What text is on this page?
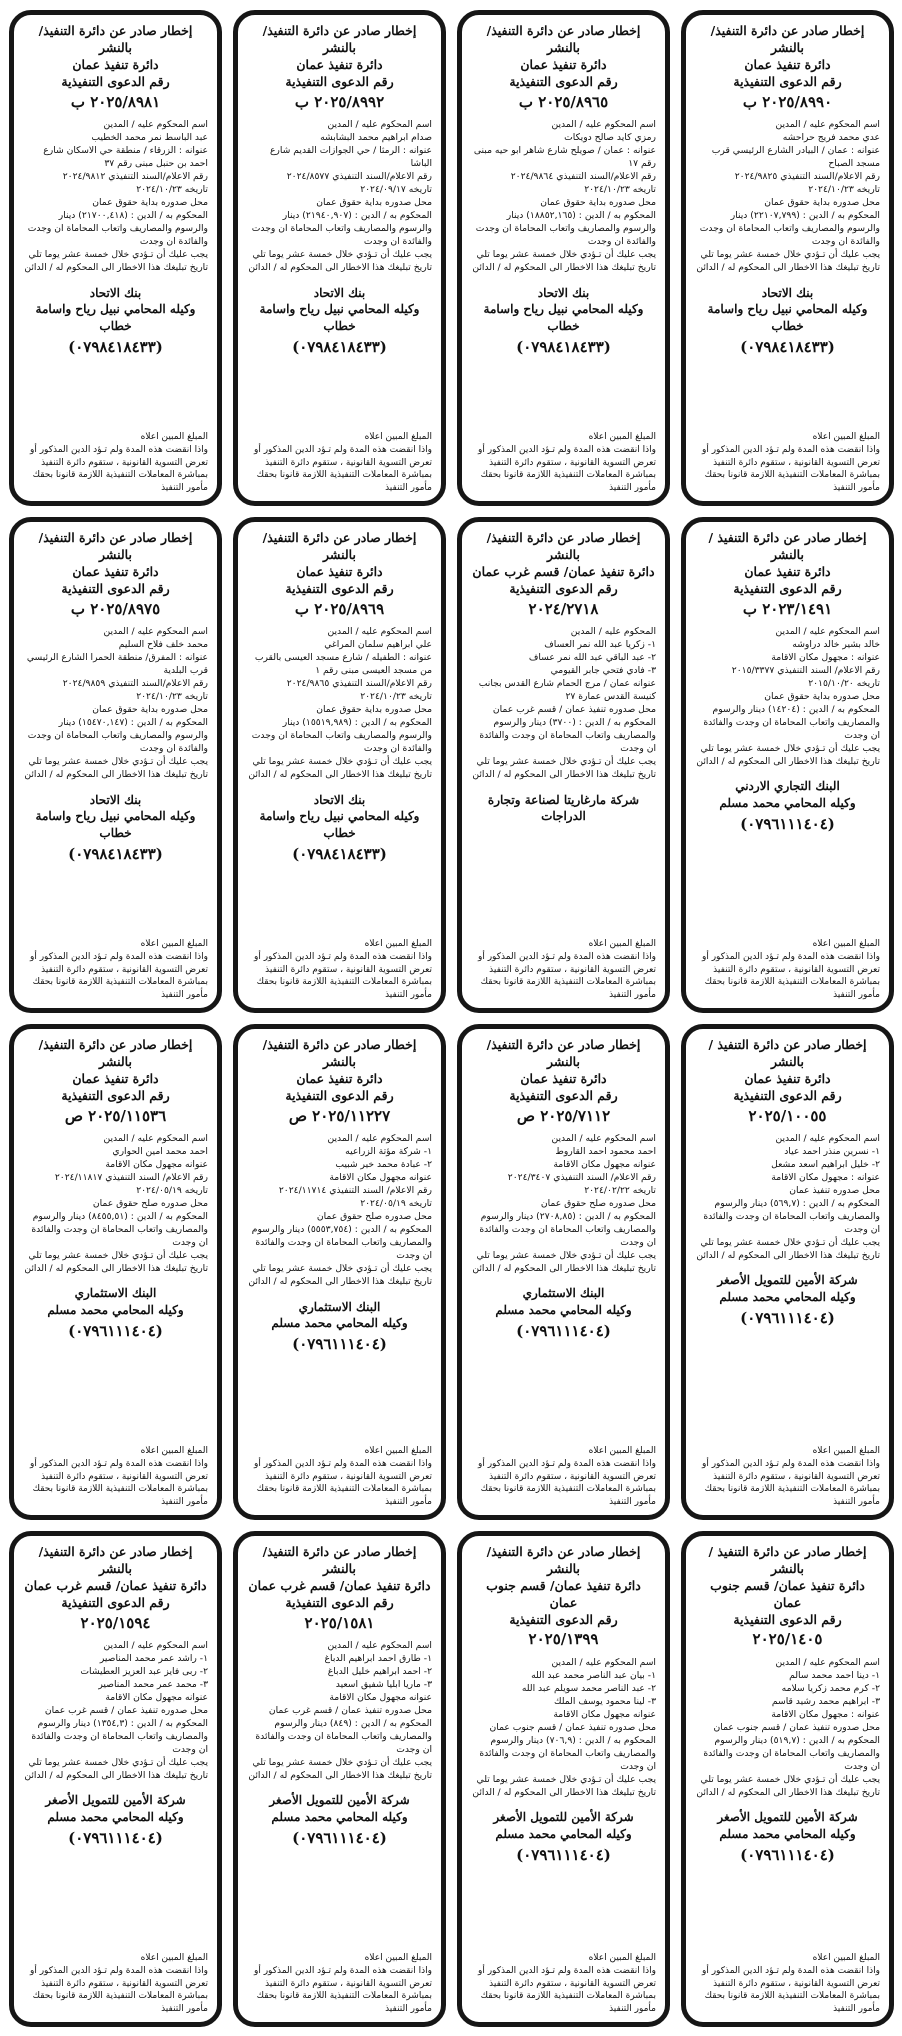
إخطار صادر عن دائرة التنفيذ/ بالنشر
دائرة تنفيذ عمان
رقم الدعوى التنفيذية
٢٠٢٥/٨٩٩٠ ب
اسم المحكوم عليه / المدين
عدي محمد فريج حراحشه
عنوانه : عمان / البيادر الشارع الرئيسي قرب مسجد الصباح
رقم الاعلام/السند التنفيذي ٢٠٢٤/٩٨٢٥
تاريخه ٢٠٢٤/١٠/٢٣
محل صدوره بداية حقوق عمان
المحكوم به / الدين : (٢٢١٠٧,٧٩٩) دينار والرسوم والمصاريف واتعاب المحاماة ان وجدت والفائدة ان وجدت
يجب عليك أن تـؤدي خلال خمسة عشر يوما تلي تاريخ تبليغك هذا الاخطار الى المحكوم له / الدائن
بنك الاتحاد
وكيله المحامي نبيل رياح واسامة خطاب
(٠٧٩٨٤١٨٤٣٣)
المبلغ المبين اعلاه
واذا انقضت هذه المدة ولم تـؤد الدين المذكور أو تعرض التسوية القانونية ، ستقوم دائرة التنفيذ بمباشرة المعاملات التنفيذية اللازمة قانونا بحقك
مأمور التنفيذ
إخطار صادر عن دائرة التنفيذ/ بالنشر
دائرة تنفيذ عمان
رقم الدعوى التنفيذية
٢٠٢٥/٨٩٦٥ ب
اسم المحكوم عليه / المدين
رمزي كايد صالح دويكات
عنوانه : عمان / صويلح شارع شاهر ابو حيه مبنى رقم ١٧
رقم الاعلام/السند التنفيذي ٢٠٢٤/٩٨٦٤
تاريخه ٢٠٢٤/١٠/٢٣
محل صدوره بداية حقوق عمان
المحكوم به / الدين : (١٨٨٥٢,١٦٥) دينار والرسوم والمصاريف واتعاب المحاماة ان وجدت والفائدة ان وجدت
يجب عليك أن تـؤدي خلال خمسة عشر يوما تلي تاريخ تبليغك هذا الاخطار الى المحكوم له / الدائن
بنك الاتحاد
وكيله المحامي نبيل رياح واسامة خطاب
(٠٧٩٨٤١٨٤٣٣)
المبلغ المبين اعلاه
واذا انقضت هذه المدة ولم تـؤد الدين المذكور أو تعرض التسوية القانونية ، ستقوم دائرة التنفيذ بمباشرة المعاملات التنفيذية اللازمة قانونا بحقك
مأمور التنفيذ
إخطار صادر عن دائرة التنفيذ/ بالنشر
دائرة تنفيذ عمان
رقم الدعوى التنفيذية
٢٠٢٥/٨٩٩٢ ب
اسم المحكوم عليه / المدين
صدام ابراهيم محمد البشابشه
عنوانه : الرمثا / حي الجوازات القديم شارع الباشا
رقم الاعلام/السند التنفيذي ٢٠٢٤/٨٥٧٧
تاريخه ٢٠٢٤/٠٩/١٧
محل صدوره بداية حقوق عمان
المحكوم به / الدين : (٢١٩٤٠,٩٠٧) دينار والرسوم والمصاريف واتعاب المحاماة ان وجدت والفائدة ان وجدت
يجب عليك أن تـؤدي خلال خمسة عشر يوما تلي تاريخ تبليغك هذا الاخطار الى المحكوم له / الدائن
بنك الاتحاد
وكيله المحامي نبيل رياح واسامة خطاب
(٠٧٩٨٤١٨٤٣٣)
المبلغ المبين اعلاه
واذا انقضت هذه المدة ولم تـؤد الدين المذكور أو تعرض التسوية القانونية ، ستقوم دائرة التنفيذ بمباشرة المعاملات التنفيذية اللازمة قانونا بحقك
مأمور التنفيذ
إخطار صادر عن دائرة التنفيذ/ بالنشر
دائرة تنفيذ عمان
رقم الدعوى التنفيذية
٢٠٢٥/٨٩٨١ ب
اسم المحكوم عليه / المدين
عبد الباسط نمر محمد الخطيب
عنوانه : الزرقاء / منطقة حي الاسكان شارع احمد بن حنبل مبنى رقم ٣٧
رقم الاعلام/السند التنفيذي ٢٠٢٤/٩٨١٢
تاريخه ٢٠٢٤/١٠/٢٣
محل صدوره بداية حقوق عمان
المحكوم به / الدين : (٢١٧٠٠,٤١٨) دينار والرسوم والمصاريف واتعاب المحاماة ان وجدت والفائدة ان وجدت
يجب عليك أن تـؤدي خلال خمسة عشر يوما تلي تاريخ تبليغك هذا الاخطار الى المحكوم له / الدائن
بنك الاتحاد
وكيله المحامي نبيل رياح واسامة خطاب
(٠٧٩٨٤١٨٤٣٣)
المبلغ المبين اعلاه
واذا انقضت هذه المدة ولم تـؤد الدين المذكور أو تعرض التسوية القانونية ، ستقوم دائرة التنفيذ بمباشرة المعاملات التنفيذية اللازمة قانونا بحقك
مأمور التنفيذ
إخطار صادر عن دائرة التنفيذ / بالنشر
دائرة تنفيذ عمان
رقم الدعوى التنفيذية
٢٠٢٣/١٤٩١ ب
اسم المحكوم عليه / المدين
خالد بشير خالد دراوشه
عنوانه : مجهول مكان الاقامة
رقم الاعلام/ السند التنفيذي ٢٠١٥/٣٣٧٧
تاريخه ٢٠١٥/١٠/٢٠
محل صدوره بداية حقوق عمان
المحكوم به / الدين : (١٤٢٠٤) دينار والرسوم والمصاريف واتعاب المحاماة ان وجدت والفائدة ان وجدت
يجب عليك أن تـؤدي خلال خمسة عشر يوما تلي تاريخ تبليغك هذا الاخطار الى المحكوم له / الدائن
البنك التجاري الاردني
وكيله المحامي محمد مسلم
(٠٧٩٦١١١٤٠٤)
المبلغ المبين اعلاه
واذا انقضت هذه المدة ولم تـؤد الدين المذكور أو تعرض التسوية القانونية ، ستقوم دائرة التنفيذ بمباشرة المعاملات التنفيذية اللازمة قانونا بحقك
مأمور التنفيذ
إخطار صادر عن دائرة التنفيذ/ بالنشر
دائرة تنفيذ عمان/ قسم غرب عمان
رقم الدعوى التنفيذية
٢٠٢٤/٢٧١٨
المحكوم عليه / المدين
١- زكريا عبد الله نمر العساف
٢- عبد الباقي عبد الله نمر عساف
٣- فادي فتحي جابر القيومي
عنوانه عمان / مرج الحمام شارع القدس بجانب كنيسة القدس عمارة ٢٧
محل صدوره تنفيذ عمان / قسم غرب عمان
المحكوم به / الدين : (٣٧٠٠) دينار والرسوم والمصاريف واتعاب المحاماة ان وجدت والفائدة ان وجدت
يجب عليك أن تـؤدي خلال خمسة عشر يوما تلي تاريخ تبليغك هذا الاخطار الى المحكوم له / الدائن
شركة مارغاريتا لصناعة وتجارة الدراجات
المبلغ المبين اعلاه
واذا انقضت هذه المدة ولم تـؤد الدين المذكور أو تعرض التسوية القانونية ، ستقوم دائرة التنفيذ بمباشرة المعاملات التنفيذية اللازمة قانونا بحقك
مأمور التنفيذ
إخطار صادر عن دائرة التنفيذ/ بالنشر
دائرة تنفيذ عمان
رقم الدعوى التنفيذية
٢٠٢٥/٨٩٦٩ ب
اسم المحكوم عليه / المدين
علي ابراهيم سلمان المراغي
عنوانه : الطفيله / شارع مسجد العيسى بالقرب من مسجد العيسى مبنى رقم ١
رقم الاعلام/السند التنفيذي ٢٠٢٤/٩٨٦٥
تاريخه ٢٠٢٤/١٠/٢٣
محل صدوره بداية حقوق عمان
المحكوم به / الدين : (١٥٥١٩,٩٨٩) دينار والرسوم والمصاريف واتعاب المحاماة ان وجدت والفائدة ان وجدت
يجب عليك أن تـؤدي خلال خمسة عشر يوما تلي تاريخ تبليغك هذا الاخطار الى المحكوم له / الدائن
بنك الاتحاد
وكيله المحامي نبيل رياح واسامة خطاب
(٠٧٩٨٤١٨٤٣٣)
المبلغ المبين اعلاه
واذا انقضت هذه المدة ولم تـؤد الدين المذكور أو تعرض التسوية القانونية ، ستقوم دائرة التنفيذ بمباشرة المعاملات التنفيذية اللازمة قانونا بحقك
مأمور التنفيذ
إخطار صادر عن دائرة التنفيذ/ بالنشر
دائرة تنفيذ عمان
رقم الدعوى التنفيذية
٢٠٢٥/٨٩٧٥ ب
اسم المحكوم عليه / المدين
محمد خلف فلاح السليم
عنوانه : المفرق/ منطقة الحمرا الشارع الرئيسي قرب البلدية
رقم الاعلام/السند التنفيذي ٢٠٢٤/٩٨٥٩
تاريخه ٢٠٢٤/١٠/٢٣
محل صدوره بداية حقوق عمان
المحكوم به / الدين : (١٥٤٧٠,١٤٧) دينار والرسوم والمصاريف واتعاب المحاماة ان وجدت والفائدة ان وجدت
يجب عليك أن تـؤدي خلال خمسة عشر يوما تلي تاريخ تبليغك هذا الاخطار الى المحكوم له / الدائن
بنك الاتحاد
وكيله المحامي نبيل رياح واسامة خطاب
(٠٧٩٨٤١٨٤٣٣)
المبلغ المبين اعلاه
واذا انقضت هذه المدة ولم تـؤد الدين المذكور أو تعرض التسوية القانونية ، ستقوم دائرة التنفيذ بمباشرة المعاملات التنفيذية اللازمة قانونا بحقك
مأمور التنفيذ
إخطار صادر عن دائرة التنفيذ / بالنشر
دائرة تنفيذ عمان
رقم الدعوى التنفيذية
٢٠٢٥/١٠٠٥٥
اسم المحكوم عليه / المدين
١- نسرين منذر احمد عياد
٢- خليل ابراهيم اسعد مشعل
عنوانه : مجهول مكان الاقامة
محل صدوره تنفيذ عمان
المحكوم به / الدين : (٥٦٩,٧) دينار والرسوم والمصاريف واتعاب المحاماة ان وجدت والفائدة ان وجدت
يجب عليك أن تـؤدي خلال خمسة عشر يوما تلي تاريخ تبليغك هذا الاخطار الى المحكوم له / الدائن
شركة الأمين للتمويل الأصغر
وكيله المحامي محمد مسلم
(٠٧٩٦١١١٤٠٤)
المبلغ المبين اعلاه
واذا انقضت هذه المدة ولم تـؤد الدين المذكور أو تعرض التسوية القانونية ، ستقوم دائرة التنفيذ بمباشرة المعاملات التنفيذية اللازمة قانونا بحقك
مأمور التنفيذ
إخطار صادر عن دائرة التنفيذ/ بالنشر
دائرة تنفيذ عمان
رقم الدعوى التنفيذية
٢٠٢٥/٧١١٢ ص
اسم المحكوم عليه / المدين
احمد محمود احمد القاروط
عنوانه مجهول مكان الاقامة
رقم الاعلام/ السند التنفيذي ٢٠٢٤/٣٤٠٧
تاريخه ٢٠٢٤/٠٢/٢٢
محل صدوره صلح حقوق عمان
المحكوم به / الدين : (٢٧٠٨,٨٥) دينار والرسوم والمصاريف واتعاب المحاماة ان وجدت والفائدة ان وجدت
يجب عليك أن تـؤدي خلال خمسة عشر يوما تلي تاريخ تبليغك هذا الاخطار الى المحكوم له / الدائن
البنك الاستثماري
وكيله المحامي محمد مسلم
(٠٧٩٦١١١٤٠٤)
المبلغ المبين اعلاه
واذا انقضت هذه المدة ولم تـؤد الدين المذكور أو تعرض التسوية القانونية ، ستقوم دائرة التنفيذ بمباشرة المعاملات التنفيذية اللازمة قانونا بحقك
مأمور التنفيذ
إخطار صادر عن دائرة التنفيذ/ بالنشر
دائرة تنفيذ عمان
رقم الدعوى التنفيذية
٢٠٢٥/١١٢٢٧ ص
اسم المحكوم عليه / المدين
١- شركة مؤتة الزراعيه
٢- عبادة محمد خير شبيب
عنوانه مجهول مكان الاقامة
رقم الاعلام/ السند التنفيذي ٢٠٢٤/١١٧١٤
تاريخه ٢٠٢٤/٠٥/١٩
محل صدوره صلح حقوق عمان
المحكوم به / الدين : (٥٥٥٣,٧٥٤) دينار والرسوم والمصاريف واتعاب المحاماة ان وجدت والفائدة ان وجدت
يجب عليك أن تـؤدي خلال خمسة عشر يوما تلي تاريخ تبليغك هذا الاخطار الى المحكوم له / الدائن
البنك الاستثماري
وكيله المحامي محمد مسلم
(٠٧٩٦١١١٤٠٤)
المبلغ المبين اعلاه
واذا انقضت هذه المدة ولم تـؤد الدين المذكور أو تعرض التسوية القانونية ، ستقوم دائرة التنفيذ بمباشرة المعاملات التنفيذية اللازمة قانونا بحقك
مأمور التنفيذ
إخطار صادر عن دائرة التنفيذ/ بالنشر
دائرة تنفيذ عمان
رقم الدعوى التنفيذية
٢٠٢٥/١١٥٣٦ ص
اسم المحكوم عليه / المدين
احمد محمد امين الحواري
عنوانه مجهول مكان الاقامة
رقم الاعلام/ السند التنفيذي ٢٠٢٤/١١٨١٧
تاريخه ٢٠٢٤/٠٥/١٩
محل صدوره صلح حقوق عمان
المحكوم به / الدين : (٨٤٥٥,٥١) دينار والرسوم والمصاريف واتعاب المحاماة ان وجدت والفائدة ان وجدت
يجب عليك أن تـؤدي خلال خمسة عشر يوما تلي تاريخ تبليغك هذا الاخطار الى المحكوم له / الدائن
البنك الاستثماري
وكيله المحامي محمد مسلم
(٠٧٩٦١١١٤٠٤)
المبلغ المبين اعلاه
واذا انقضت هذه المدة ولم تـؤد الدين المذكور أو تعرض التسوية القانونية ، ستقوم دائرة التنفيذ بمباشرة المعاملات التنفيذية اللازمة قانونا بحقك
مأمور التنفيذ
إخطار صادر عن دائرة التنفيذ / بالنشر
دائرة تنفيذ عمان/ قسم جنوب عمان
رقم الدعوى التنفيذية
٢٠٢٥/١٤٠٥
اسم المحكوم عليه / المدين
١- دينا احمد محمد سالم
٢- كرم محمد زكريا سلامه
٣- ابراهيم محمد رشيد قاسم
عنوانه : مجهول مكان الاقامة
محل صدوره تنفيذ عمان / قسم جنوب عمان
المحكوم به / الدين : (٥١٩,٧) دينار والرسوم والمصاريف واتعاب المحاماة ان وجدت والفائدة ان وجدت
يجب عليك أن تـؤدي خلال خمسة عشر يوما تلي تاريخ تبليغك هذا الاخطار الى المحكوم له / الدائن
شركة الأمين للتمويل الأصغر
وكيله المحامي محمد مسلم
(٠٧٩٦١١١٤٠٤)
المبلغ المبين اعلاه
واذا انقضت هذه المدة ولم تـؤد الدين المذكور أو تعرض التسوية القانونية ، ستقوم دائرة التنفيذ بمباشرة المعاملات التنفيذية اللازمة قانونا بحقك
مأمور التنفيذ
إخطار صادر عن دائرة التنفيذ/ بالنشر
دائرة تنفيذ عمان/ قسم جنوب عمان
رقم الدعوى التنفيذية
٢٠٢٥/١٣٩٩
اسم المحكوم عليه / المدين
١- بيان عبد الناصر محمد عبد الله
٢- عبد الناصر محمد سويلم عبد الله
٣- لينا محمود يوسف الملك
عنوانه مجهول مكان الاقامة
محل صدوره تنفيذ عمان / قسم جنوب عمان
المحكوم به / الدين : (٧٠٦,٩) دينار والرسوم والمصاريف واتعاب المحاماة ان وجدت والفائدة ان وجدت
يجب عليك أن تـؤدي خلال خمسة عشر يوما تلي تاريخ تبليغك هذا الاخطار الى المحكوم له / الدائن
شركة الأمين للتمويل الأصغر
وكيله المحامي محمد مسلم
(٠٧٩٦١١١٤٠٤)
المبلغ المبين اعلاه
واذا انقضت هذه المدة ولم تـؤد الدين المذكور أو تعرض التسوية القانونية ، ستقوم دائرة التنفيذ بمباشرة المعاملات التنفيذية اللازمة قانونا بحقك
مأمور التنفيذ
إخطار صادر عن دائرة التنفيذ/ بالنشر
دائرة تنفيذ عمان/ قسم غرب عمان
رقم الدعوى التنفيذية
٢٠٢٥/١٥٨١
اسم المحكوم عليه / المدين
١- طارق احمد ابراهيم الدباغ
٢- احمد ابراهيم خليل الدباغ
٣- ماريا ابليا شفيق اسعيد
عنوانه مجهول مكان الاقامة
محل صدوره تنفيذ عمان / قسم غرب عمان
المحكوم به / الدين : (٨٤٩) دينار والرسوم والمصاريف واتعاب المحاماة ان وجدت والفائدة ان وجدت
يجب عليك أن تـؤدي خلال خمسة عشر يوما تلي تاريخ تبليغك هذا الاخطار الى المحكوم له / الدائن
شركة الأمين للتمويل الأصغر
وكيله المحامي محمد مسلم
(٠٧٩٦١١١٤٠٤)
المبلغ المبين اعلاه
واذا انقضت هذه المدة ولم تـؤد الدين المذكور أو تعرض التسوية القانونية ، ستقوم دائرة التنفيذ بمباشرة المعاملات التنفيذية اللازمة قانونا بحقك
مأمور التنفيذ
إخطار صادر عن دائرة التنفيذ/ بالنشر
دائرة تنفيذ عمان/ قسم غرب عمان
رقم الدعوى التنفيذية
٢٠٢٥/١٥٩٤
اسم المحكوم عليه / المدين
١- راشد عمر محمد المناصير
٢- ربى فايز عبد العزيز العطيشات
٣- محمد عمر محمد المناصير
عنوانه مجهول مكان الاقامة
محل صدوره تنفيذ عمان / قسم غرب عمان
المحكوم به / الدين : (١٣٥٤,٣) دينار والرسوم والمصاريف واتعاب المحاماة ان وجدت والفائدة ان وجدت
يجب عليك أن تـؤدي خلال خمسة عشر يوما تلي تاريخ تبليغك هذا الاخطار الى المحكوم له / الدائن
شركة الأمين للتمويل الأصغر
وكيله المحامي محمد مسلم
(٠٧٩٦١١١٤٠٤)
المبلغ المبين اعلاه
واذا انقضت هذه المدة ولم تـؤد الدين المذكور أو تعرض التسوية القانونية ، ستقوم دائرة التنفيذ بمباشرة المعاملات التنفيذية اللازمة قانونا بحقك
مأمور التنفيذ
